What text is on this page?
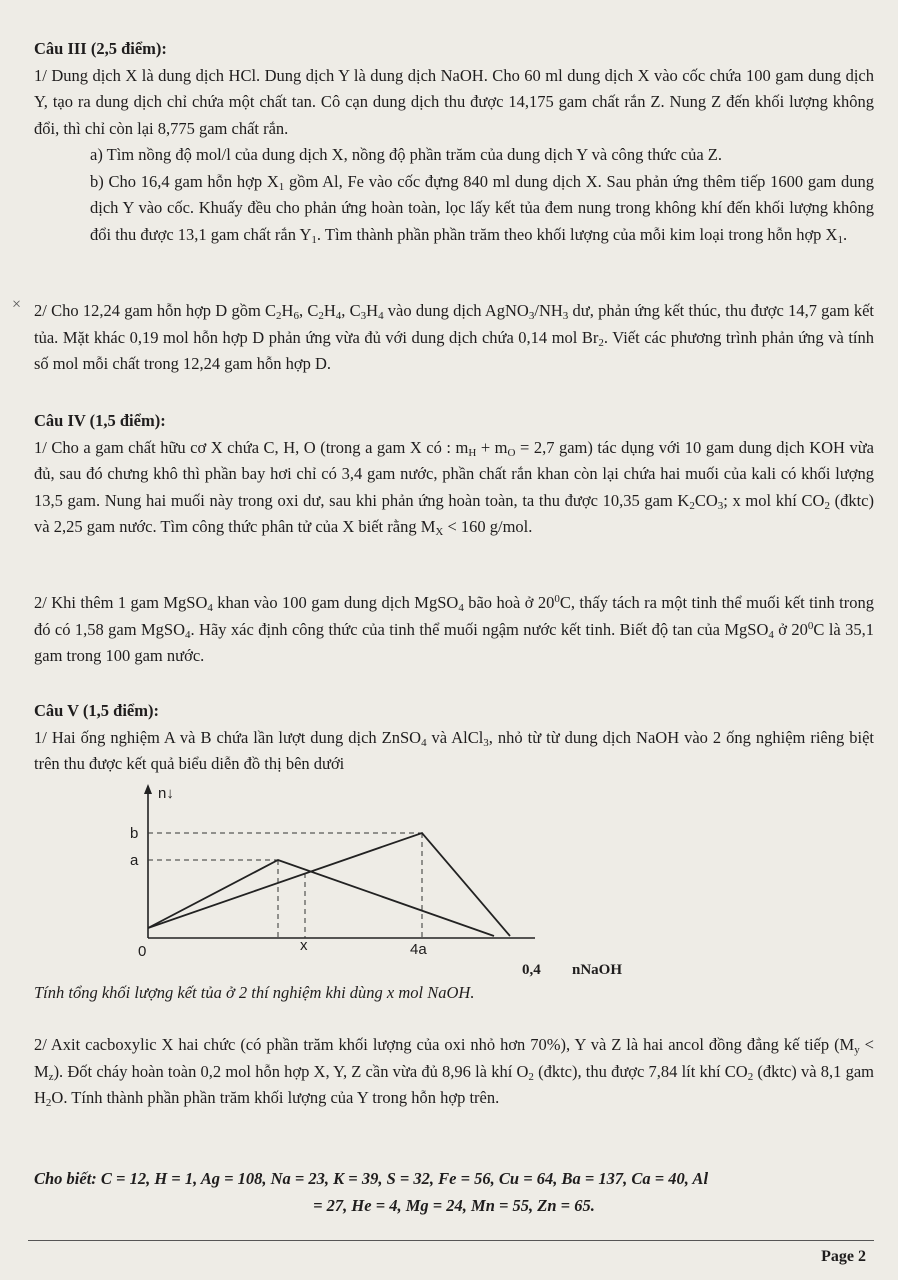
Câu III (2,5 điểm):

1/ Dung dịch X là dung dịch HCl. Dung dịch Y là dung dịch NaOH. Cho 60 ml dung dịch X vào cốc chứa 100 gam dung dịch Y, tạo ra dung dịch chỉ chứa một chất tan. Cô cạn dung dịch thu được 14,175 gam chất rắn Z. Nung Z đến khối lượng không đổi, thì chỉ còn lại 8,775 gam chất rắn.

a) Tìm nồng độ mol/l của dung dịch X, nồng độ phần trăm của dung dịch Y và công thức của Z.

b) Cho 16,4 gam hỗn hợp $X_1$ gồm Al, Fe vào cốc đựng 840 ml dung dịch X. Sau phản ứng thêm tiếp 1600 gam dung dịch Y vào cốc. Khuấy đều cho phản ứng hoàn toàn, lọc lấy kết tủa đem nung trong không khí đến khối lượng không đổi thu được 13,1 gam chất rắn $Y_1$. Tìm thành phần phần trăm theo khối lượng của mỗi kim loại trong hỗn hợp $X_1$.

× 2/ Cho 12,24 gam hỗn hợp D gồm $C_2H_6$, $C_2H_4$, $C_3H_4$ vào dung dịch $AgNO_3/NH_3$ dư, phản ứng kết thúc, thu được 14,7 gam kết tủa. Mặt khác 0,19 mol hỗn hợp D phản ứng vừa đủ với dung dịch chứa 0,14 mol $Br_2$. Viết các phương trình phản ứng và tính số mol mỗi chất trong 12,24 gam hỗn hợp D.

Câu IV (1,5 điểm):

1/ Cho a gam chất hữu cơ X chứa C, H, O (trong a gam X có : $m_H + m_O = 2,7$ gam) tác dụng với 10 gam dung dịch KOH vừa đủ, sau đó chưng khô thì phần bay hơi chỉ có 3,4 gam nước, phần chất rắn khan còn lại chứa hai muối của kali có khối lượng 13,5 gam. Nung hai muối này trong oxi dư, sau khi phản ứng hoàn toàn, ta thu được 10,35 gam $K_2CO_3$; x mol khí $CO_2$ (đktc) và 2,25 gam nước. Tìm công thức phân tử của X biết rằng $M_X < 160$ g/mol.

2/ Khi thêm 1 gam MgSO$_4$ khan vào 100 gam dung dịch MgSO$_4$ bão hoà ở $20^0C$, thấy tách ra một tinh thể muối kết tinh trong đó có 1,58 gam MgSO$_4$. Hãy xác định công thức của tinh thể muối ngậm nước kết tinh. Biết độ tan của MgSO$_4$ ở $20^0C$ là 35,1 gam trong 100 gam nước.

Câu V (1,5 điểm):

1/ Hai ống nghiệm A và B chứa lần lượt dung dịch ZnSO$_4$ và AlCl$_3$, nhỏ từ từ dung dịch NaOH vào 2 ống nghiệm riêng biệt trên thu được kết quả biểu diễn đồ thị bên dưới

n↓
b
a
0	x	4a
0,4 nNaOH

Tính tổng khối lượng kết tủa ở 2 thí nghiệm khi dùng x mol NaOH.

2/ Axit cacboxylic X hai chức (có phần trăm khối lượng của oxi nhỏ hơn 70%), Y và Z là hai ancol đồng đẳng kế tiếp $(M_y < M_z)$. Đốt cháy hoàn toàn 0,2 mol hỗn hợp X, Y, Z cần vừa đủ 8,96 là khí $O_2$ (đktc), thu được 7,84 lít khí $CO_2$ (đktc) và 8,1 gam $H_2O$. Tính thành phần phần trăm khối lượng của Y trong hỗn hợp trên.

Cho biết: C = 12, H = 1, Ag = 108, Na = 23, K = 39, S = 32, Fe = 56, Cu = 64, Ba = 137, Ca = 40, Al

= 27, He = 4, Mg = 24, Mn = 55, Zn = 65.

Page 2
